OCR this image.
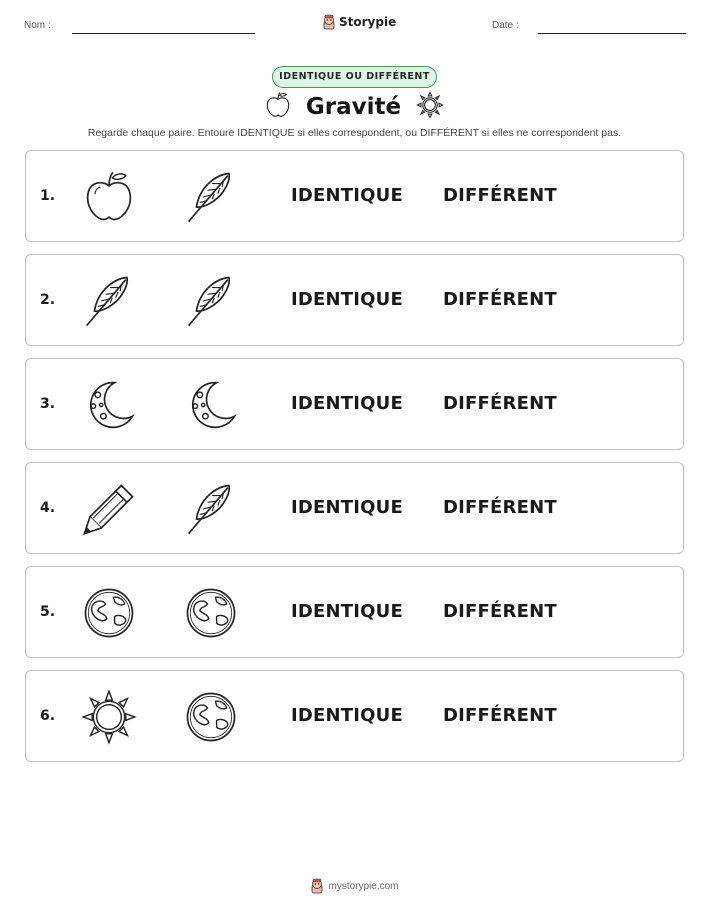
Nom :	Storypie	Date :
IDENTIQUE OU DIFFÉRENT
Gravité
Regarde chaque paire. Entoure IDENTIQUE si elles correspondent, ou DIFFÉRENT si elles ne correspondent pas.
1.	IDENTIQUE DIFFÉRENT
2.	IDENTIQUE DIFFÉRENT
3.	IDENTIQUE DIFFÉRENT
4.	IDENTIQUE DIFFÉRENT
5.	IDENTIQUE DIFFÉRENT
6.	IDENTIQUE DIFFÉRENT
mystorypie.com
